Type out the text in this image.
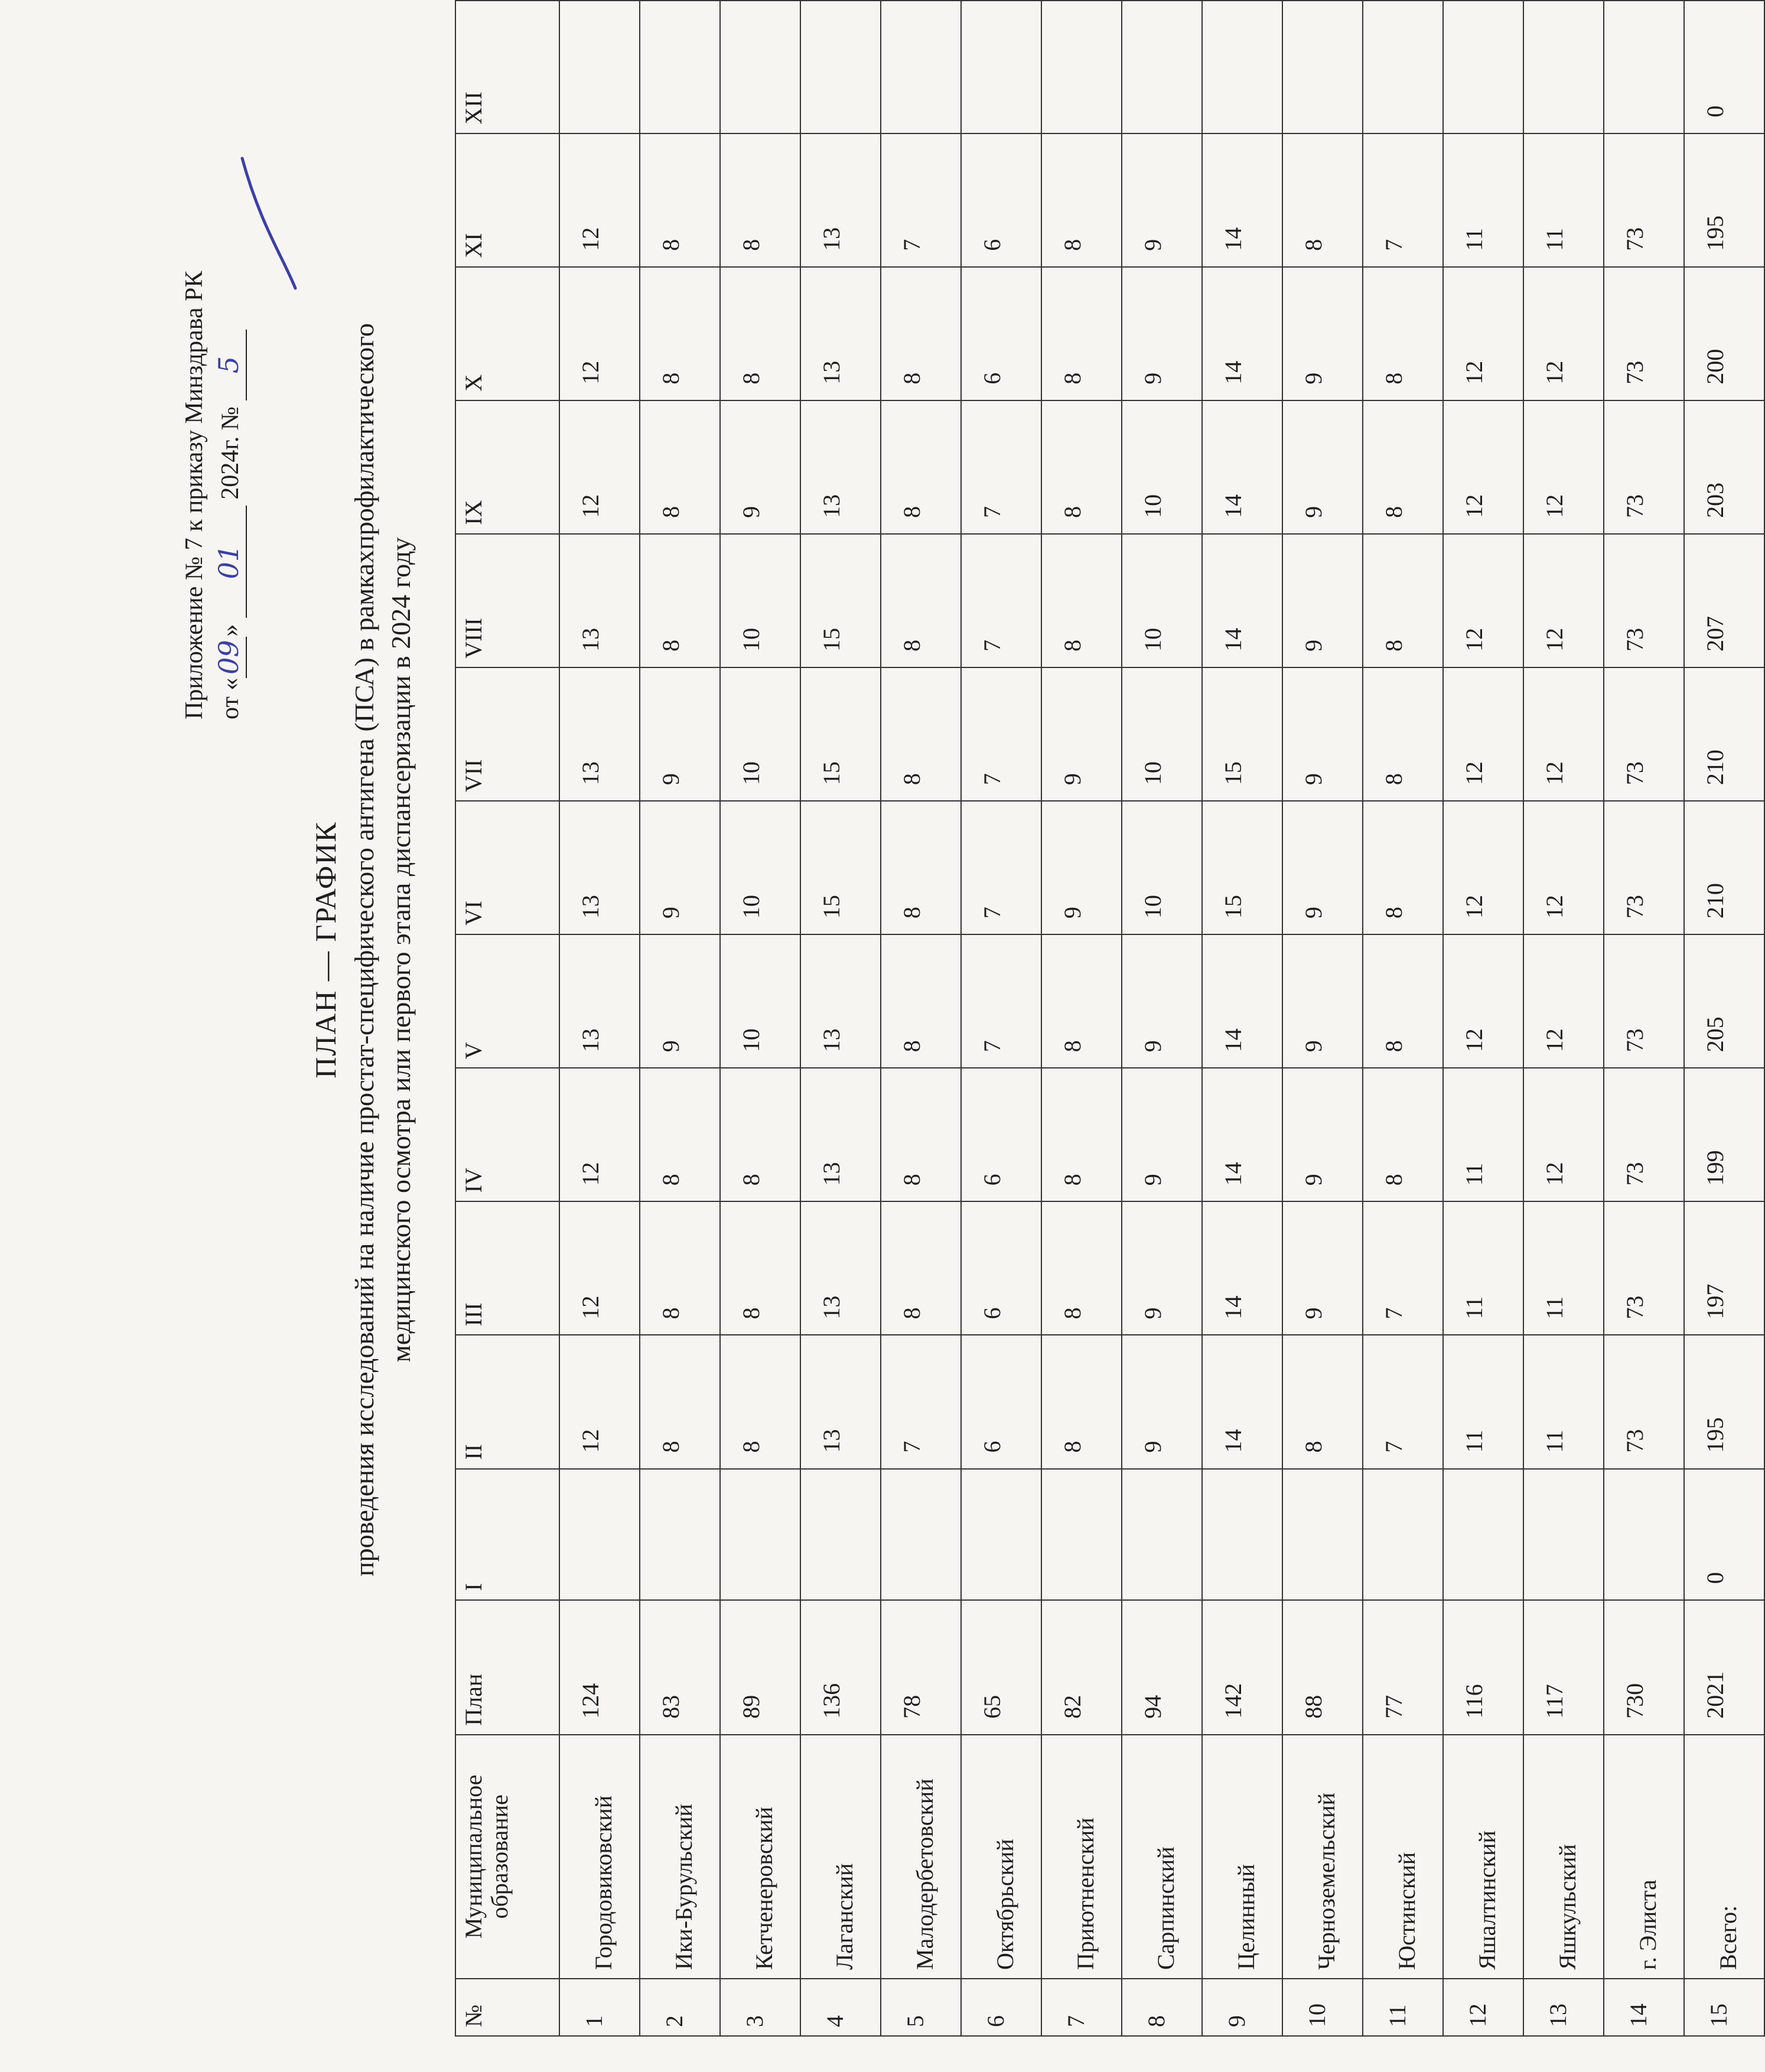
Приложение № 7 к приказу Минздрава РК от «09» 01 2024г. № 5
ПЛАН — ГРАФИК проведения исследований на наличие простат-специфического антигена (ПСА) в рамкахпрофилактического медицинского осмотра или первого этапа диспансеризации в 2024 году
№	Муниципальное образование	План	I	II	III	IV	V	VI	VII	VIII	IX	X	XI	XII
1	Городовиковский	124		12	12	12	13	13	13	13	12	12	12	
2	Ики-Бурульский	83		8	8	8	9	9	9	8	8	8	8	
3	Кетченеровский	89		8	8	8	10	10	10	10	9	8	8	
4	Лаганский	136		13	13	13	13	15	15	15	13	13	13	
5	Малодербетовский	78		7	8	8	8	8	8	8	8	8	7	
6	Октябрьский	65		6	6	6	7	7	7	7	7	6	6	
7	Приютненский	82		8	8	8	8	9	9	8	8	8	8	
8	Сарпинский	94		9	9	9	9	10	10	10	10	9	9	
9	Целинный	142		14	14	14	14	15	15	14	14	14	14	
10	Черноземельский	88		8	9	9	9	9	9	9	9	9	8	
11	Юстинский	77		7	7	8	8	8	8	8	8	8	7	
12	Яшалтинский	116		11	11	11	12	12	12	12	12	12	11	
13	Яшкульский	117		11	11	12	12	12	12	12	12	12	11	
14	г. Элиста	730		73	73	73	73	73	73	73	73	73	73	
15	Всего:	2021	0	195	197	199	205	210	210	207	203	200	195	0
